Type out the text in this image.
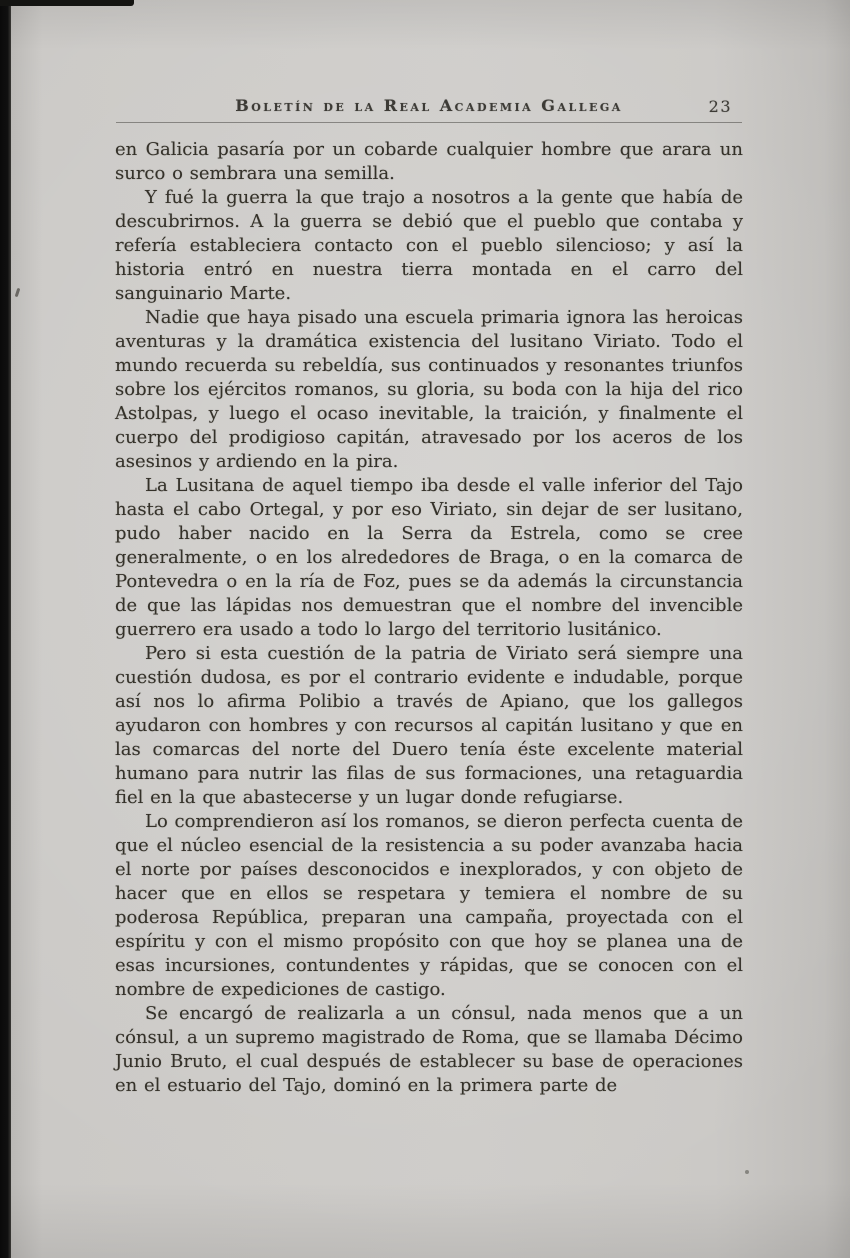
Boletín de la Real Academia Gallega	23

en Galicia pasaría por un cobarde cualquier hombre que arara un surco o sembrara una semilla.

Y fué la guerra la que trajo a nosotros a la gente que había de descubrirnos. A la guerra se debió que el pueblo que contaba y refería estableciera contacto con el pueblo silencioso; y así la historia entró en nuestra tierra montada en el carro del sanguinario Marte.

Nadie que haya pisado una escuela primaria ignora las heroicas aventuras y la dramática existencia del lusitano Viriato. Todo el mundo recuerda su rebeldía, sus continuados y resonantes triunfos sobre los ejércitos romanos, su gloria, su boda con la hija del rico Astolpas, y luego el ocaso inevitable, la traición, y finalmente el cuerpo del prodigioso capitán, atravesado por los aceros de los asesinos y ardiendo en la pira.

La Lusitana de aquel tiempo iba desde el valle inferior del Tajo hasta el cabo Ortegal, y por eso Viriato, sin dejar de ser lusitano, pudo haber nacido en la Serra da Estrela, como se cree generalmente, o en los alrededores de Braga, o en la comarca de Pontevedra o en la ría de Foz, pues se da además la circunstancia de que las lápidas nos demuestran que el nombre del invencible guerrero era usado a todo lo largo del territorio lusitánico.

Pero si esta cuestión de la patria de Viriato será siempre una cuestión dudosa, es por el contrario evidente e indudable, porque así nos lo afirma Polibio a través de Apiano, que los gallegos ayudaron con hombres y con recursos al capitán lusitano y que en las comarcas del norte del Duero tenía éste excelente material humano para nutrir las filas de sus formaciones, una retaguardia fiel en la que abastecerse y un lugar donde refugiarse.

Lo comprendieron así los romanos, se dieron perfecta cuenta de que el núcleo esencial de la resistencia a su poder avanzaba hacia el norte por países desconocidos e inexplorados, y con objeto de hacer que en ellos se respetara y temiera el nombre de su poderosa República, preparan una campaña, proyectada con el espíritu y con el mismo propósito con que hoy se planea una de esas incursiones, contundentes y rápidas, que se conocen con el nombre de expediciones de castigo.

Se encargó de realizarla a un cónsul, nada menos que a un cónsul, a un supremo magistrado de Roma, que se llamaba Décimo Junio Bruto, el cual después de establecer su base de operaciones en el estuario del Tajo, dominó en la primera parte de
